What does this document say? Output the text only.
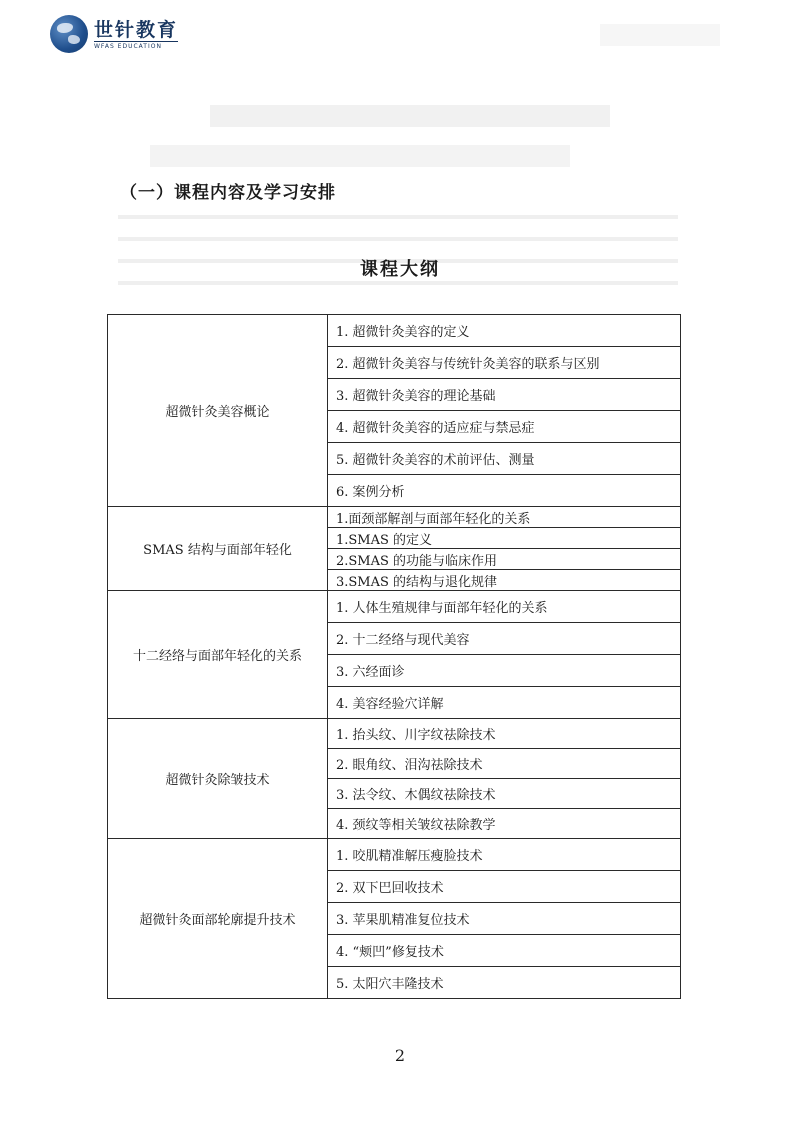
世针教育
WFAS EDUCATION
（一）课程内容及学习安排
课程大纲
超微针灸美容概论	1. 超微针灸美容的定义
	2. 超微针灸美容与传统针灸美容的联系与区别
	3. 超微针灸美容的理论基础
	4. 超微针灸美容的适应症与禁忌症
	5. 超微针灸美容的术前评估、测量
	6. 案例分析
SMAS 结构与面部年轻化	1.面颈部解剖与面部年轻化的关系
	1.SMAS 的定义
	2.SMAS 的功能与临床作用
	3.SMAS 的结构与退化规律
十二经络与面部年轻化的关系	1. 人体生殖规律与面部年轻化的关系
	2. 十二经络与现代美容
	3. 六经面诊
	4. 美容经验穴详解
超微针灸除皱技术	1. 抬头纹、川字纹祛除技术
	2. 眼角纹、泪沟祛除技术
	3. 法令纹、木偶纹祛除技术
	4. 颈纹等相关皱纹祛除教学
超微针灸面部轮廓提升技术	1. 咬肌精准解压瘦脸技术
	2. 双下巴回收技术
	3. 苹果肌精准复位技术
	4. “颊凹”修复技术
	5. 太阳穴丰隆技术
2
